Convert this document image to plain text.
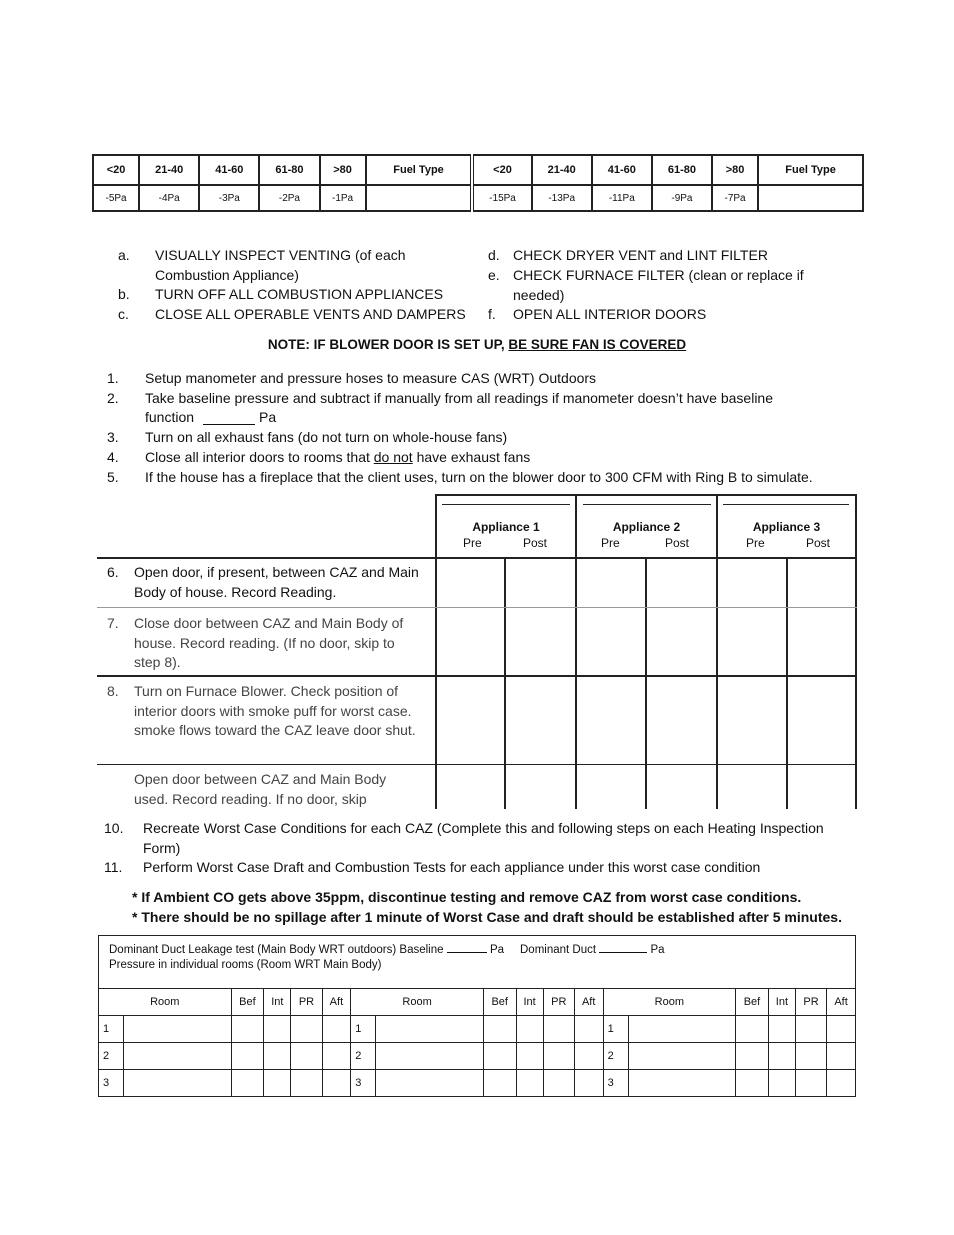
<20	21-40	41-60	61-80	>80	Fuel Type	<20	21-40	41-60	61-80	>80	Fuel Type
-5Pa	-4Pa	-3Pa	-2Pa	-1Pa		-15Pa	-13Pa	-11Pa	-9Pa	-7Pa	
a. VISUALLY INSPECT VENTING (of each Combustion Appliance)
b. TURN OFF ALL COMBUSTION APPLIANCES
c. CLOSE ALL OPERABLE VENTS AND DAMPERS
d. CHECK DRYER VENT and LINT FILTER
e. CHECK FURNACE FILTER (clean or replace if needed)
f. OPEN ALL INTERIOR DOORS
NOTE: IF BLOWER DOOR IS SET UP, BE SURE FAN IS COVERED
1. Setup manometer and pressure hoses to measure CAS (WRT) Outdoors
2. Take baseline pressure and subtract if manually from all readings if manometer doesn’t have baseline
function	Pa
3. Turn on all exhaust fans (do not turn on whole-house fans)
4. Close all interior doors to rooms that do not have exhaust fans
5. If the house has a fireplace that the client uses, turn on the blower door to 300 CFM with Ring B to simulate.
Appliance 1
Pre	Post
Appliance 2
Pre	Post
Appliance 3
Pre	Post
6. Open door, if present, between CAZ and Main Body of house. Record Reading.
7. Close door between CAZ and Main Body of house. Record reading. (If no door, skip to step 8).
8. Turn on Furnace Blower. Check position of interior doors with smoke puff for worst case. smoke flows toward the CAZ leave door shut.
Open door between CAZ and Main Body used. Record reading. If no door, skip
10. Recreate Worst Case Conditions for each CAZ (Complete this and following steps on each Heating Inspection Form)
11. Perform Worst Case Draft and Combustion Tests for each appliance under this worst case condition
* If Ambient CO gets above 35ppm, discontinue testing and remove CAZ from worst case conditions.
* There should be no spillage after 1 minute of Worst Case and draft should be established after 5 minutes.
Dominant Duct Leakage test (Main Body WRT outdoors) Baseline Pa Dominant Duct Pa
Pressure in individual rooms (Room WRT Main Body)																	
Room		Bef	Int	PR	Aft	Room		Bef	Int	PR	Aft	Room		Bef	Int	PR	Aft
1						1						1					
2						2						2					
3						3						3					
